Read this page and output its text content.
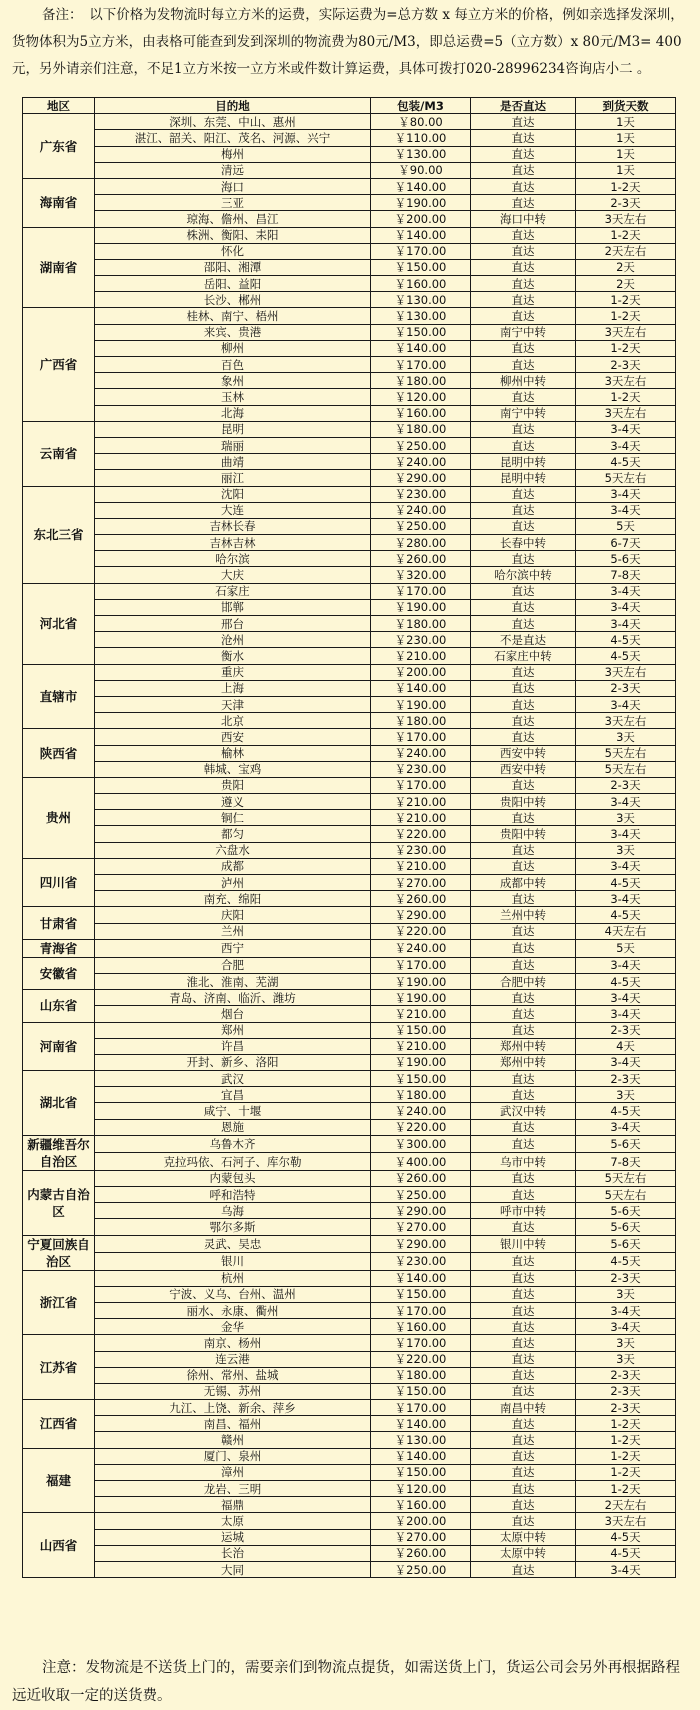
备注：　以下价格为发物流时每立方米的运费，实际运费为=总方数 x 每立方米的价格，例如亲选择发深圳，货物体积为5立方米，由表格可能查到发到深圳的物流费为80元/M3，即总运费=5（立方数）x 80元/M3= 400元，另外请亲们注意，不足1立方米按一立方米或件数计算运费，具体可拨打020-28996234咨询店小二 。
地区	目的地	包装/M3	是否直达	到货天数
广东省	深圳、东莞、中山、惠州	￥80.00	直达	1天
	湛江、韶关、阳江、茂名、河源、兴宁	￥110.00	直达	1天
	梅州	￥130.00	直达	1天
	清远	￥90.00	直达	1天
海南省	海口	￥140.00	直达	1-2天
	三亚	￥190.00	直达	2-3天
	琼海、儋州、昌江	￥200.00	海口中转	3天左右
湖南省	株洲、衡阳、耒阳	￥140.00	直达	1-2天
	怀化	￥170.00	直达	2天左右
	邵阳、湘潭	￥150.00	直达	2天
	岳阳、益阳	￥160.00	直达	2天
	长沙、郴州	￥130.00	直达	1-2天
广西省	桂林、南宁、梧州	￥130.00	直达	1-2天
	来宾、贵港	￥150.00	南宁中转	3天左右
	柳州	￥140.00	直达	1-2天
	百色	￥170.00	直达	2-3天
	象州	￥180.00	柳州中转	3天左右
	玉林	￥120.00	直达	1-2天
	北海	￥160.00	南宁中转	3天左右
云南省	昆明	￥180.00	直达	3-4天
	瑞丽	￥250.00	直达	3-4天
	曲靖	￥240.00	昆明中转	4-5天
	丽江	￥290.00	昆明中转	5天左右
东北三省	沈阳	￥230.00	直达	3-4天
	大连	￥240.00	直达	3-4天
	吉林长春	￥250.00	直达	5天
	吉林吉林	￥280.00	长春中转	6-7天
	哈尔滨	￥260.00	直达	5-6天
	大庆	￥320.00	哈尔滨中转	7-8天
河北省	石家庄	￥170.00	直达	3-4天
	邯郸	￥190.00	直达	3-4天
	邢台	￥180.00	直达	3-4天
	沧州	￥230.00	不是直达	4-5天
	衡水	￥210.00	石家庄中转	4-5天
直辖市	重庆	￥200.00	直达	3天左右
	上海	￥140.00	直达	2-3天
	天津	￥190.00	直达	3-4天
	北京	￥180.00	直达	3天左右
陕西省	西安	￥170.00	直达	3天
	榆林	￥240.00	西安中转	5天左右
	韩城、宝鸡	￥230.00	西安中转	5天左右
贵州	贵阳	￥170.00	直达	2-3天
	遵义	￥210.00	贵阳中转	3-4天
	铜仁	￥210.00	直达	3天
	都匀	￥220.00	贵阳中转	3-4天
	六盘水	￥230.00	直达	3天
四川省	成都	￥210.00	直达	3-4天
	泸州	￥270.00	成都中转	4-5天
	南充、绵阳	￥260.00	直达	3-4天
甘肃省	庆阳	￥290.00	兰州中转	4-5天
	兰州	￥220.00	直达	4天左右
青海省	西宁	￥240.00	直达	5天
安徽省	合肥	￥170.00	直达	3-4天
	淮北、淮南、芜湖	￥190.00	合肥中转	4-5天
山东省	青岛、济南、临沂、潍坊	￥190.00	直达	3-4天
	烟台	￥210.00	直达	3-4天
河南省	郑州	￥150.00	直达	2-3天
	许昌	￥210.00	郑州中转	4天
	开封、新乡、洛阳	￥190.00	郑州中转	3-4天
湖北省	武汉	￥150.00	直达	2-3天
	宜昌	￥180.00	直达	3天
	咸宁、十堰	￥240.00	武汉中转	4-5天
	恩施	￥220.00	直达	3-4天
新疆维吾尔自治区	乌鲁木齐	￥300.00	直达	5-6天
	克拉玛依、石河子、库尔勒	￥400.00	乌市中转	7-8天
内蒙古自治区	内蒙包头	￥260.00	直达	5天左右
	呼和浩特	￥250.00	直达	5天左右
	乌海	￥290.00	呼市中转	5-6天
	鄂尔多斯	￥270.00	直达	5-6天
宁夏回族自治区	灵武、吴忠	￥290.00	银川中转	5-6天
	银川	￥230.00	直达	4-5天
浙江省	杭州	￥140.00	直达	2-3天
	宁波、义乌、台州、温州	￥150.00	直达	3天
	丽水、永康、衢州	￥170.00	直达	3-4天
	金华	￥160.00	直达	3-4天
江苏省	南京、杨州	￥170.00	直达	3天
	连云港	￥220.00	直达	3天
	徐州、常州、盐城	￥180.00	直达	2-3天
	无锡、苏州	￥150.00	直达	2-3天
江西省	九江、上饶、新余、萍乡	￥170.00	南昌中转	2-3天
	南昌、福州	￥140.00	直达	1-2天
	赣州	￥130.00	直达	1-2天
福建	厦门、泉州	￥140.00	直达	1-2天
	漳州	￥150.00	直达	1-2天
	龙岩、三明	￥120.00	直达	1-2天
	福鼎	￥160.00	直达	2天左右
山西省	太原	￥200.00	直达	3天左右
	运城	￥270.00	太原中转	4-5天
	长治	￥260.00	太原中转	4-5天
	大同	￥250.00	直达	3-4天
注意：发物流是不送货上门的，需要亲们到物流点提货，如需送货上门，货运公司会另外再根据路程远近收取一定的送货费。
